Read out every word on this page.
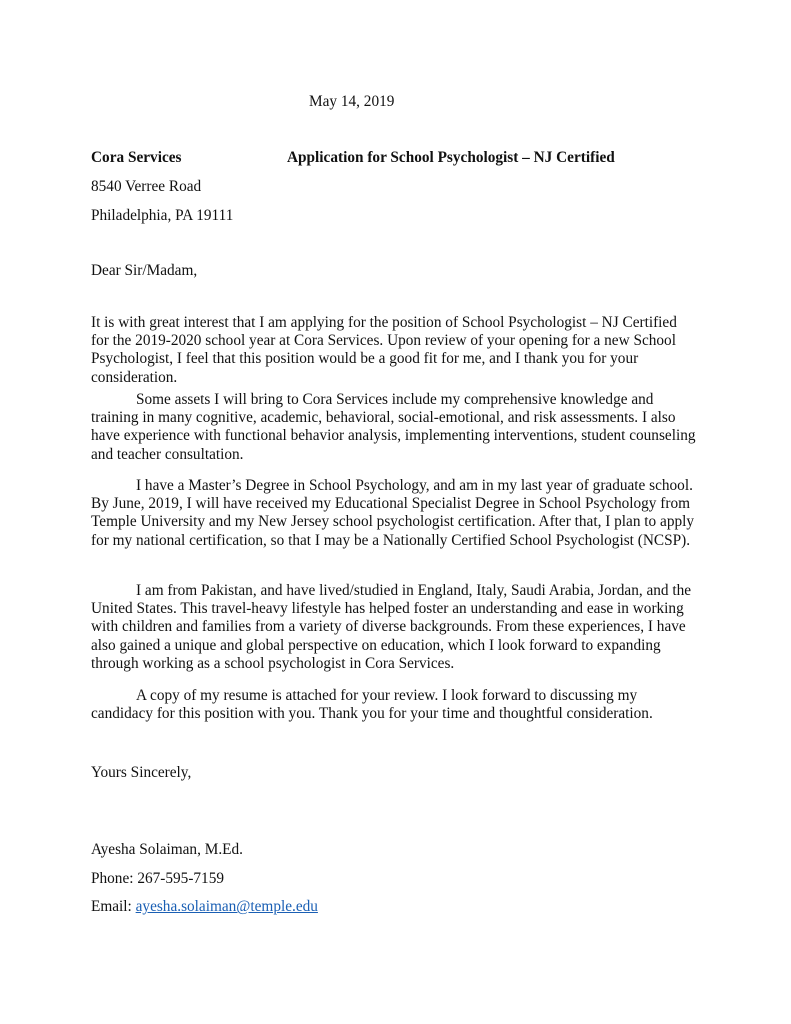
May 14, 2019
Cora Services	Application for School Psychologist – NJ Certified
8540 Verree Road
Philadelphia, PA 19111
Dear Sir/Madam,

It is with great interest that I am applying for the position of School Psychologist – NJ Certified for the 2019-2020 school year at Cora Services. Upon review of your opening for a new School Psychologist, I feel that this position would be a good fit for me, and I thank you for your consideration.

Some assets I will bring to Cora Services include my comprehensive knowledge and training in many cognitive, academic, behavioral, social-emotional, and risk assessments. I also have experience with functional behavior analysis, implementing interventions, student counseling and teacher consultation.

I have a Master’s Degree in School Psychology, and am in my last year of graduate school. By June, 2019, I will have received my Educational Specialist Degree in School Psychology from Temple University and my New Jersey school psychologist certification. After that, I plan to apply for my national certification, so that I may be a Nationally Certified School Psychologist (NCSP).

I am from Pakistan, and have lived/studied in England, Italy, Saudi Arabia, Jordan, and the United States. This travel-heavy lifestyle has helped foster an understanding and ease in working with children and families from a variety of diverse backgrounds. From these experiences, I have also gained a unique and global perspective on education, which I look forward to expanding through working as a school psychologist in Cora Services.

A copy of my resume is attached for your review. I look forward to discussing my candidacy for this position with you. Thank you for your time and thoughtful consideration.

Yours Sincerely,
Ayesha Solaiman, M.Ed.
Phone: 267-595-7159
Email: ayesha.solaiman@temple.edu
